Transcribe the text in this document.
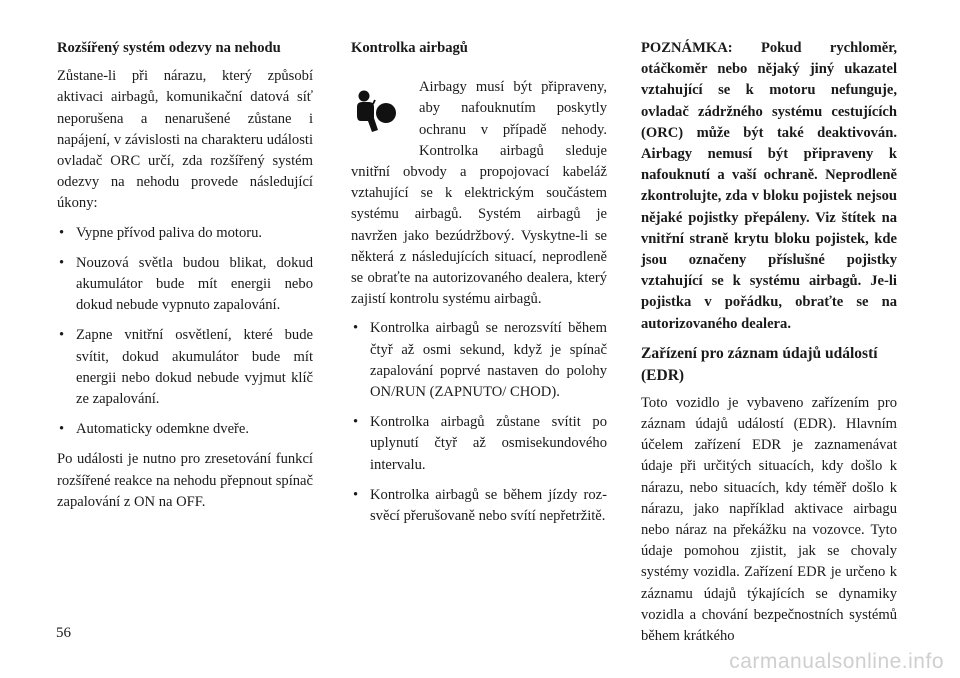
Rozšířený systém odezvy na nehodu

Zůstane-li při nárazu, který způsobí aktivaci airbagů, komunikační datová síť neporušena a nenarušené zůstane i napájení, v závislosti na charakteru události ovladač ORC určí, zda rozšířený systém odezvy na nehodu provede následující úkony:

• Vypne přívod paliva do motoru.
• Nouzová světla budou blikat, dokud akumulátor bude mít energii nebo dokud nebude vypnuto zapalování.
• Zapne vnitřní osvětlení, které bude svítit, dokud akumulátor bude mít energii nebo dokud nebude vyjmut klíč ze zapalování.
• Automaticky odemkne dveře.

Po události je nutno pro zresetování funkcí rozšířené reakce na nehodu přepnout spínač zapalování z ON na OFF.

Kontrolka airbagů

Airbagy musí být připraveny, aby nafouknutím poskytly ochranu v případě nehody. Kontrolka airbagů sleduje vnitřní obvody a propojovací kabeláž vztahující se k elektrickým součástem systému airbagů. Systém airbagů je navržen jako bezúdržbový. Vyskytne-li se některá z následujících situací, neprodleně se obraťte na autorizovaného dealera, který zajistí kontrolu systému airbagů.

• Kontrolka airbagů se nerozsvítí během čtyř až osmi sekund, když je spínač zapalování poprvé nastaven do polohy ON/RUN (ZAPNUTO/ CHOD).
• Kontrolka airbagů zůstane svítit po uplynutí čtyř až osmisekundového intervalu.
• Kontrolka airbagů se během jízdy rozsvěcí přerušovaně nebo svítí nepřetržitě.

POZNÁMKA: Pokud rychloměr, otáčkoměr nebo nějaký jiný ukazatel vztahující se k motoru nefunguje, ovladač zádržného systému cestujících (ORC) může být také deaktivován. Airbagy nemusí být připraveny k nafouknutí a vaší ochraně. Neprodleně zkontrolujte, zda v bloku pojistek nejsou nějaké pojistky přepáleny. Viz štítek na vnitřní straně krytu bloku pojistek, kde jsou označeny příslušné pojistky vztahující se k systému airbagů. Je-li pojistka v pořádku, obraťte se na autorizovaného dealera.

Zařízení pro záznam údajů událostí (EDR)

Toto vozidlo je vybaveno zařízením pro záznam údajů událostí (EDR). Hlavním účelem zařízení EDR je zaznamenávat údaje při určitých situacích, kdy došlo k nárazu, nebo situacích, kdy téměř došlo k nárazu, jako například aktivace airbagu nebo náraz na překážku na vozovce. Tyto údaje pomohou zjistit, jak se chovaly systémy vozidla. Zařízení EDR je určeno k záznamu údajů týkajících se dynamiky vozidla a chování bezpečnostních systémů během krátkého

56
carmanualsonline.info
